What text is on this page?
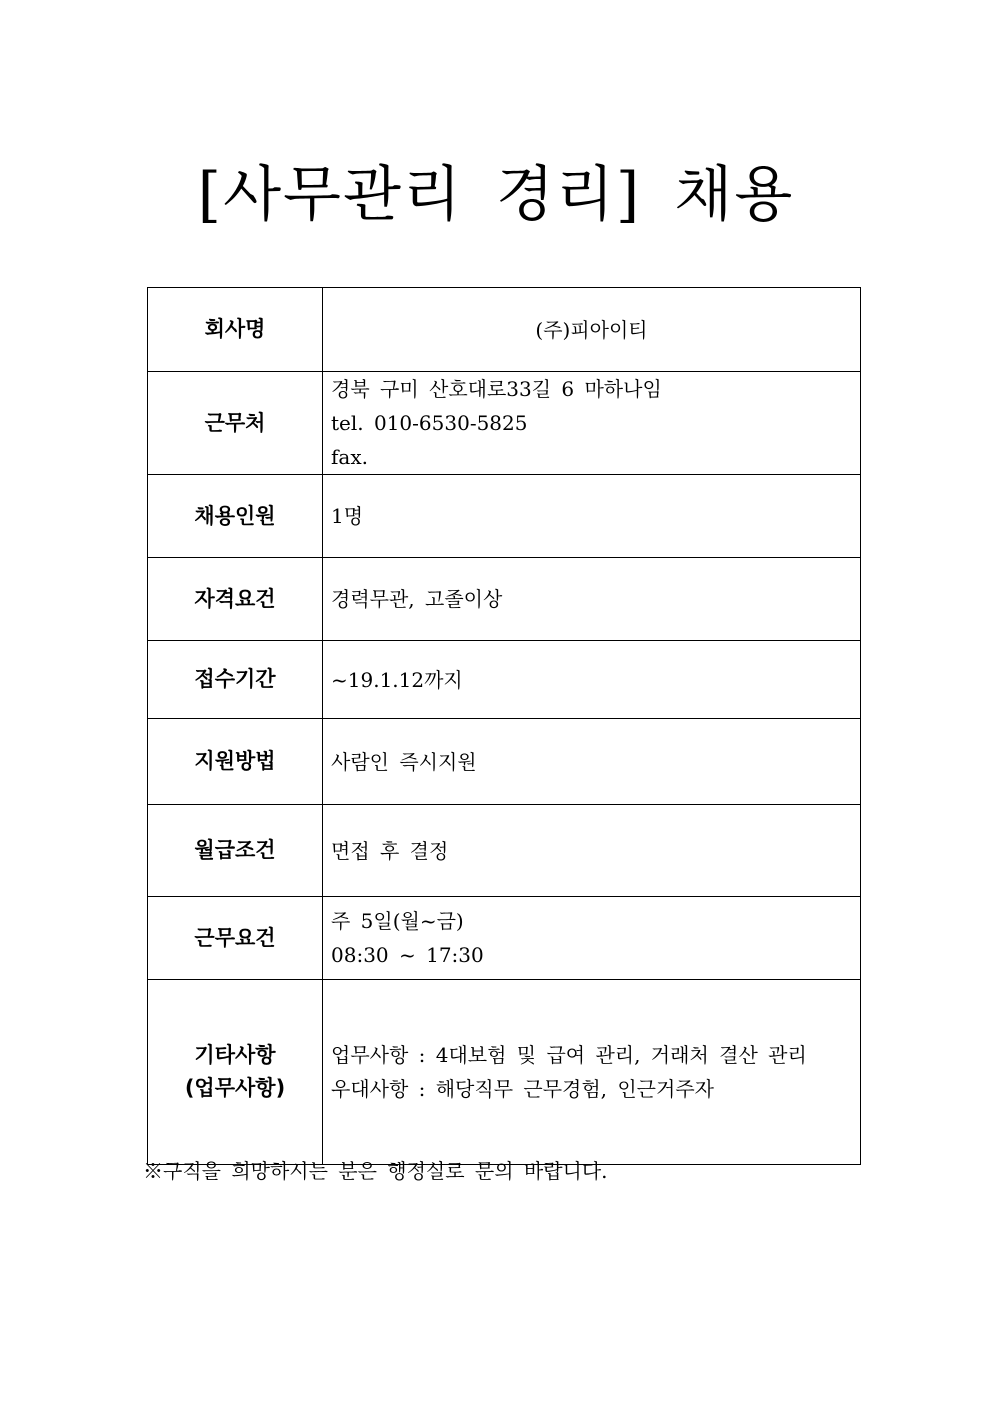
[사무관리 경리] 채용
회사명	(주)피아이티

근무처	경북 구미 산호대로33길 6 마하나임
tel. 010-6530-5825
fax.

채용인원	1명

자격요건	경력무관, 고졸이상

접수기간	~19.1.12까지

지원방법	사람인 즉시지원

월급조건	면접 후 결정

근무요건	주 5일(월~금)
08:30 ~ 17:30

기타사항
(업무사항)	업무사항 : 4대보험 및 급여 관리, 거래처 결산 관리
우대사항 : 해당직무 근무경험, 인근거주자
※구직을 희망하시는 분은 행정실로 문의 바랍니다.
